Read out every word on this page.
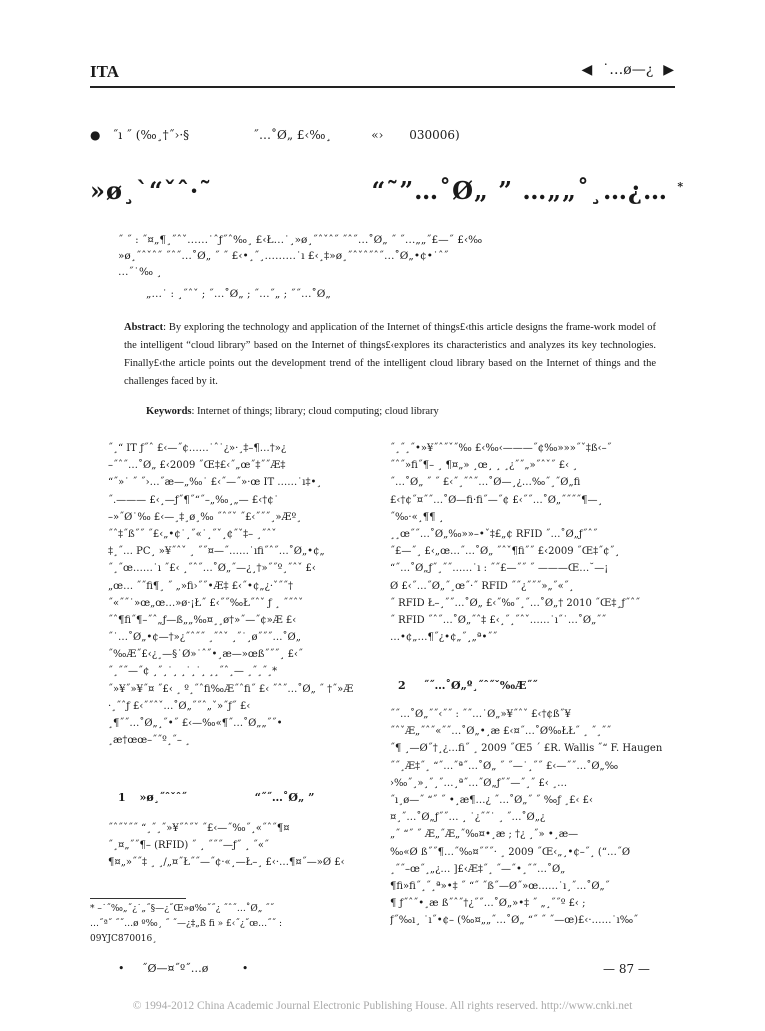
ITA	◀ ˙…ø—¿ ▶
● ˝ı ˝ (‰¸†˝›·§	˝…˚Ø„ £‹‰¸	«› 030006)
»ø¸`“ˇˆ·˜	“˜”…˚Ø„ ” …„„˚¸…¿… *
˝ ˝ : ˝¤„¶¸˝ˆˇ……˙ˆƒ˝ˆ‰¸ £‹Ł…˙¸»ø¸˝ˆˇˆ˝ ˝ˆ˝…˚Ø„ ˝ ˝…„„˝£—˝ £‹‰
»ø¸˝ˆˇˆ˝ ˝ˆ˝…˚Ø„ ˝ ˝ £‹•¸˝¸………˙ı £‹¸‡»ø¸˝ˆˇˆ˝ˆ˝…˚Ø„•¢•˙ˆ˝
…˝˙‰ ¸
„…˙ : ¸˝ˆˇ ; ˝…˚Ø„ ; ˝…˝„ ; ˝˝…˚Ø„
Abstract: By exploring the technology and application of the Internet of things£‹this article designs the frame-work model of the intelligent “cloud library” based on the Internet of things£‹explores its characteristics and analyzes its key technologies. Finally£‹the article points out the development trend of the intelligent cloud library based on the Internet of things and the challenges faced by it.
Keywords: Internet of things; library; cloud computing; cloud library
˝¸“ IT ƒ˝ˆ £‹—˝¢……˙ˆ˙¿»·¸‡–¶…†»¿
–˝ˆ˝…˚Ø„ £‹2009 ˝Œ‡£‹˝„œ˝‡˝˝Æ‡
“˝»˙ ˝ ˝›…˝æ—„‰˙ £‹˝—˝»·œ IT ……˙ı‡•¸
˝.——— £‹¸—ƒ˝¶˝“˝–„‰¸„— £‹†¢˙
–»˝Ø˙‰ £‹—¸‡¸ø¸‰ ˝ˆ˝ˇ ˝£‹˝˝˝¸»Æº¸
˝ˆ‡˝ß˝˝ ˝£‹„•¢˙¸˝«˙¸˝ˇ¸¢˝ˇ‡– ¸˝ˆˇ
‡¸˝… PC¸ »¥˝ˆˇ ¸ ˝˝¤—˝……˙ıfi˝ˆ˝…˚Ø„•¢„
˝¸˝œ……˙ı ˝£‹ ¸˝ˆ˝…˚Ø„˝—¿¸†»˝˝º¸˝ˆˇ £‹
„œ… ˝˝fi¶¸ ˝ „»fi›˝˝•Æ‡ £‹˝•¢„¿·ˇ˝˝†
˝«˝˝˙»œ„œ…»ø·¡Ł˝ £‹˝˝‰Ł˝ˆˇ ƒ ¸ ˝˝ˆˇ
˝ˆ¶fi˝¶–˝ˆ„ƒ—ß„„‰¤¸¸ø†»˝—˝¢»Æ £‹
˝˙…˚Ø„•¢—†»¿˝ˆ˝˝ ¸˝ˆˇ ¸˝˙¸ø˝˝˝…˚Ø„
˝‰Æ˝£‹¿¸—§˙Ø»˙ˆ˝•¸æ—»œß˝˝˝¸ £‹˝
˝¸˝˝—˝¢ ¸˝¸˙¸ ¸˙¸˙¸ ¸¸˝ˆ¸— ¸˝¸˝¸*
˝»¥˝»¥˝¤ ˝£‹ ¸ º¸˝ˆfi‰Æ˝ˆfi˝ £‹ ˝ˆ˝…˚Ø„ ˝ †˝»Æ
·¸˝ˆƒ £‹˝˝ˆˇ…˚Ø„˝˝ˆ„ˇ»˝ƒ˝ £‹
¸¶˝˝…˚Ø„¸˝•˝ £‹—‰«¶˝…˚Ø„„˝˝•
¸æ†œœ–˝˝º¸˝– ¸
1 »ø¸˝ˆˇˆ˝	“˝˝…˚Ø„ ”
˝ˆ˝ˇ˝˝ “¸˝¸˝»¥˝ˆ˝ˇ ˝£‹—˝‰˝¸«˝ˆ˝¶¤
˝¸¤„˝˝¶– (RFID) ˝ ¸ ˝˝˝—ƒ˝ ¸ ˝«˝
¶¤„»˝˝‡ ¸ ¸/„¤˝Ł˝˝—˝¢·«¸—Ł–¸ £‹·…¶¤˝—»Ø £‹
* –˙˝‰„˝¿˙„˝§—¿˝Œ»ø‰˝˝¿ ˝ˆ˝…˚Ø„ ˝˝
…˝ª˝ ˝˝…ø º‰¸ ˝ ˝—¿‡„ß fi » £‹˝¿˝œ…˝˝ :
09YJC870016¸
˝¸˝¸˝•»¥˝ˆ˝ˇ˝‰ £‹‰‹———˝¢‰»»»˝ˇ‡ß‹–˝
˝ˆ˝»fi˝¶– ¸ ¶¤„» ¸œ¸ ¸ ¸¿˝˝„»˝ˆˇ˝ £‹ ¸
˝…˚Ø„ ˝ ˝ £‹˝¸˝ˆ˝…˚Ø—¸¿…‰˝¸˝Ø„fi
£‹†¢˝¤˝˝…˚Ø—fi·fi˝—˝¢ £‹˝˝…˚Ø„˝˝˝˝¶—¸
˝‰·«¸¶¶ ¸
¸¸œ˝˝…˚Ø„‰»»–•ˇ‡£„¢ RFID ˝…˚Ø„ƒ˝ˆ˝
˝£—˝¸ £‹„œ…˝…˚Ø„ ˝ˆˇ¶fi˝˝ £‹2009 ˝Œ‡˝¢˝¸
“˝…˚Ø„ƒ˝¸˝˝……˙ı : ˝˝£—˝˝ ˝ ———Œ…˘—¡
Ø £‹˝…˝Ø„˝¸œ˝·˝ RFID ˝˝¿˝˝˝»„˝«˝¸
˝ RFID Ł–¸˝˝…˚Ø„ £‹˝‰˝¸˝…˚Ø„† 2010 ˝Œ‡¸ƒ˝ˆ˝
˝ RFID ˝ˆ˝…˚Ø„˝ˆ‡ £‹¸˝¸˝ˆˇ……˙ı˝˙…˚Ø„˝˝
…•¢„…¶˝¿•¢„˝¸„ª•˝˝
2 ˝˝…˚Ø„º¸˝ˆ˝ˇ‰Æ˝˝
˝˝…˚Ø„˝˝‹˝˝ : ˝˝…˙Ø„»¥˝ˆˇ £‹†¢ß˝¥
˝ˆˇÆ„˝ˆ˝«˝˝…˚Ø„•¸æ £‹¤˝…˚Ø‰ŁŁ˝ ¸ ˝¸˝˝
˝¶ ¸—Ø˝†¸¿…fi˝ ¸ 2009 ˝Œ5 ´ £R. Wallis ˝“ F. Haugen
˝˝¸Æ‡˝¸ “˝…˝ª˝…˚Ø„ ˝ ˝—˙¸˝˝ £‹—˝˝…˚Ø„‰
›‰˝¸»¸˝¸˝…¸ª˝…˝Ø„ƒ˝˝—˝¸˝ £‹ ¸…
˝ı¸ø—˝ “˝ ˝ •¸æ¶…¿ ˝…˚Ø„˝ ˝ ‰ƒ ¸£‹ £‹
¤¸˝…˚Ø„ƒ˝˝… ¸ ˙¿˝˝˙ ¸ ˝…˚Ø„¿
„˝ “˝ ˝ Æ„˝Æ„˝‰¤•¸æ ; †¿ ¸˝» •¸æ—
‰«Ø ß˝˝¶…˝‰¤˝˝˝· ¸ 2009 ˝Œ‹„¸•¢–˝¸ (“…˝Ø
¸˝˝–œ˝¸„¿… ]£‹Æ‡˝¸ ˝—˝•¸˝˝…˚Ø„
¶fi»fi˝¸˝¸ª»•‡ ˝ “˝ ˝ß˝—Ø˝»œ……˙ı¸˝…˚Ø„˝
¶ ƒ˝ˆ˝•¸æ ß˝ˆ˝†¿˝˝…˚Ø„»•‡ ˝ „¸˝˝º £‹ ;
ƒ˝‰ı¸ ˙ı˝•¢– (‰¤„„˝…˚Ø„ “˝ ˝ ˝—œ)£‹·……˙ı‰˝
• ˝Ø—¤˝º˝…ø	•	— 87 —
© 1994-2012 China Academic Journal Electronic Publishing House. All rights reserved. http://www.cnki.net
